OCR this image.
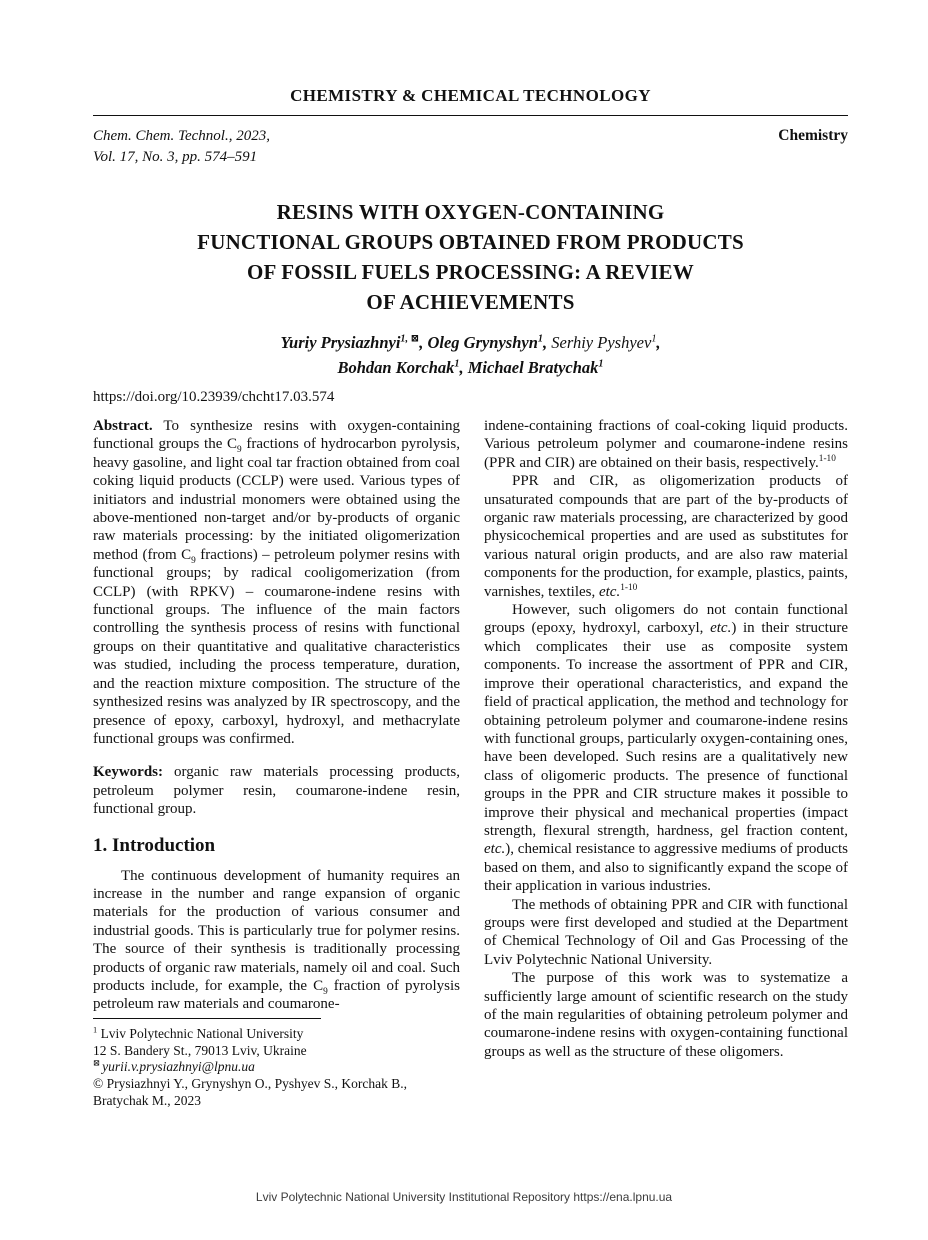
CHEMISTRY & CHEMICAL TECHNOLOGY
Chem. Chem. Technol., 2023,
Vol. 17, No. 3, pp. 574–591
Chemistry
RESINS WITH OXYGEN-CONTAINING
FUNCTIONAL GROUPS OBTAINED FROM PRODUCTS
OF FOSSIL FUELS PROCESSING: A REVIEW
OF ACHIEVEMENTS
Yuriy Prysiazhnyi$^{1, ⊠}$, Oleg Grynyshyn$^1$, Serhiy Pyshyev$^1$,
Bohdan Korchak$^1$, Michael Bratychak$^1$
https://doi.org/10.23939/chcht17.03.574

Abstract. To synthesize resins with oxygen-containing functional groups the $C_9$ fractions of hydrocarbon pyrolysis, heavy gasoline, and light coal tar fraction obtained from coal coking liquid products (CCLP) were used. Various types of initiators and industrial monomers were obtained using the above-mentioned non-target and/or by-products of organic raw materials processing: by the initiated oligomerization method (from $C_9$ fractions) – petroleum polymer resins with functional groups; by radical cooligomerization (from CCLP) (with RPKV) – coumarone-indene resins with functional groups. The influence of the main factors controlling the synthesis process of resins with functional groups on their quantitative and qualitative characteristics was studied, including the process temperature, duration, and the reaction mixture composition. The structure of the synthesized resins was analyzed by IR spectroscopy, and the presence of epoxy, carboxyl, hydroxyl, and methacrylate functional groups was confirmed.

Keywords: organic raw materials processing products, petroleum polymer resin, coumarone-indene resin, functional group.

1. Introduction

The continuous development of humanity requires an increase in the number and range expansion of organic materials for the production of various consumer and industrial goods. This is particularly true for polymer resins. The source of their synthesis is traditionally processing products of organic raw materials, namely oil and coal. Such products include, for example, the $C_9$ fraction of pyrolysis petroleum raw materials and coumarone-

$^1$ Lviv Polytechnic National University
12 S. Bandery St., 79013 Lviv, Ukraine
⊠ yurii.v.prysiazhnyi@lpnu.ua
© Prysiazhnyi Y., Grynyshyn O., Pyshyev S., Korchak B.,
Bratychak M., 2023

indene-containing fractions of coal-coking liquid products. Various petroleum polymer and coumarone-indene resins (PPR and CIR) are obtained on their basis, respectively.$^{1-10}$

PPR and CIR, as oligomerization products of unsaturated compounds that are part of the by-products of organic raw materials processing, are characterized by good physicochemical properties and are used as substitutes for various natural origin products, and are also raw material components for the production, for example, plastics, paints, varnishes, textiles, etc.$^{1-10}$

However, such oligomers do not contain functional groups (epoxy, hydroxyl, carboxyl, etc.) in their structure which complicates their use as composite system components. To increase the assortment of PPR and CIR, improve their operational characteristics, and expand the field of practical application, the method and technology for obtaining petroleum polymer and coumarone-indene resins with functional groups, particularly oxygen-containing ones, have been developed. Such resins are a qualitatively new class of oligomeric products. The presence of functional groups in the PPR and CIR structure makes it possible to improve their physical and mechanical properties (impact strength, flexural strength, hardness, gel fraction content, etc.), chemical resistance to aggressive mediums of products based on them, and also to significantly expand the scope of their application in various industries.

The methods of obtaining PPR and CIR with functional groups were first developed and studied at the Department of Chemical Technology of Oil and Gas Processing of the Lviv Polytechnic National University.

The purpose of this work was to systematize a sufficiently large amount of scientific research on the study of the main regularities of obtaining petroleum polymer and coumarone-indene resins with oxygen-containing functional groups as well as the structure of these oligomers.

Lviv Polytechnic National University Institutional Repository https://ena.lpnu.ua
